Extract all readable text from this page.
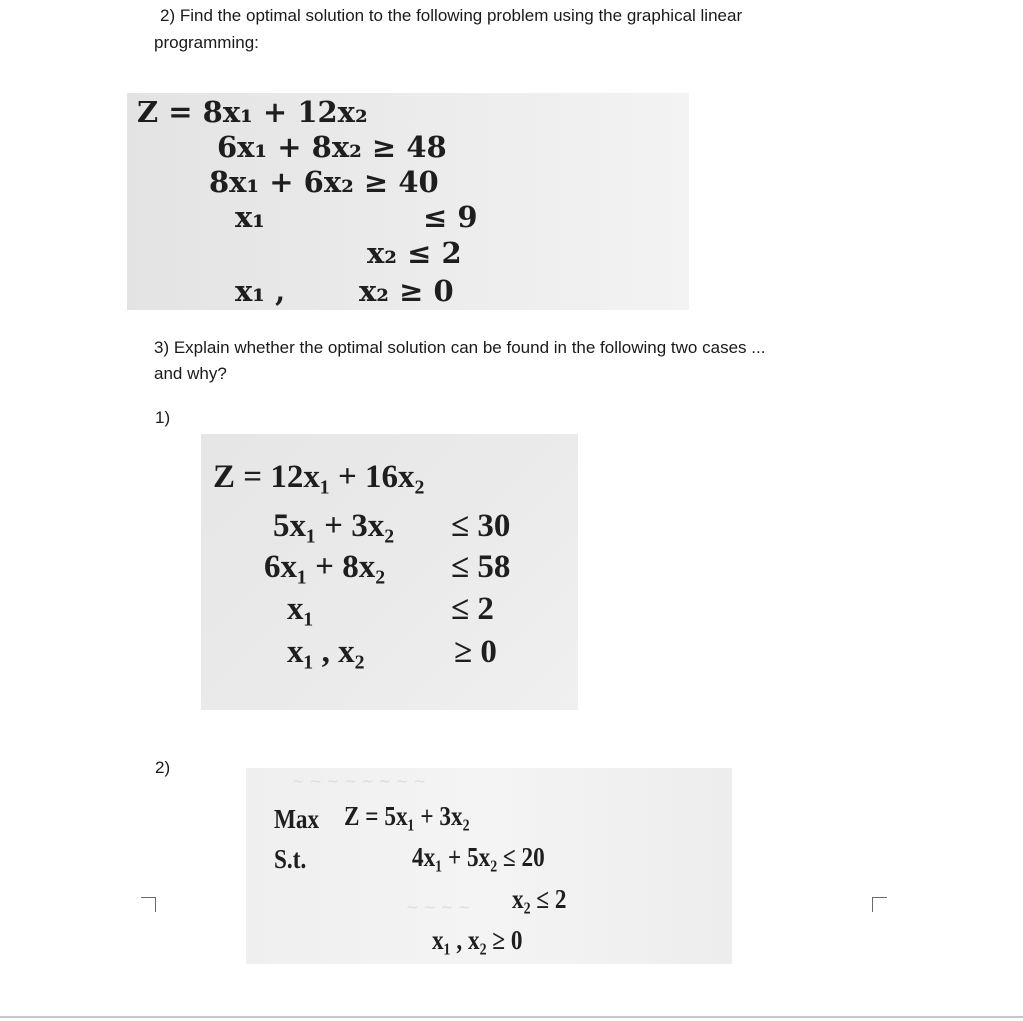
2) Find the optimal solution to the following problem using the graphical linear

programming:

Z = 8x₁ + 12x₂

6x₁ + 8x₂ ≥ 48

8x₁ + 6x₂ ≥ 40

x₁	≤ 9

x₂ ≤ 2

x₁ ,	x₂ ≥ 0

3) Explain whether the optimal solution can be found in the following two cases ...

and why?

1)

Z = 12x₁ + 16x₂

5x₁ + 3x₂ ≤ 30

6x₁ + 8x₂ ≤ 58

x₁	≤ 2

x₁ , x₂	≥ 0

2)

~ ~ ~ ~ ~ ~ ~ ~
~ ~ ~ ~

Max Z = 5x₁ + 3x₂

S.t.	4x₁ + 5x₂ ≤ 20

x₂ ≤ 2

x₁ , x₂ ≥ 0
